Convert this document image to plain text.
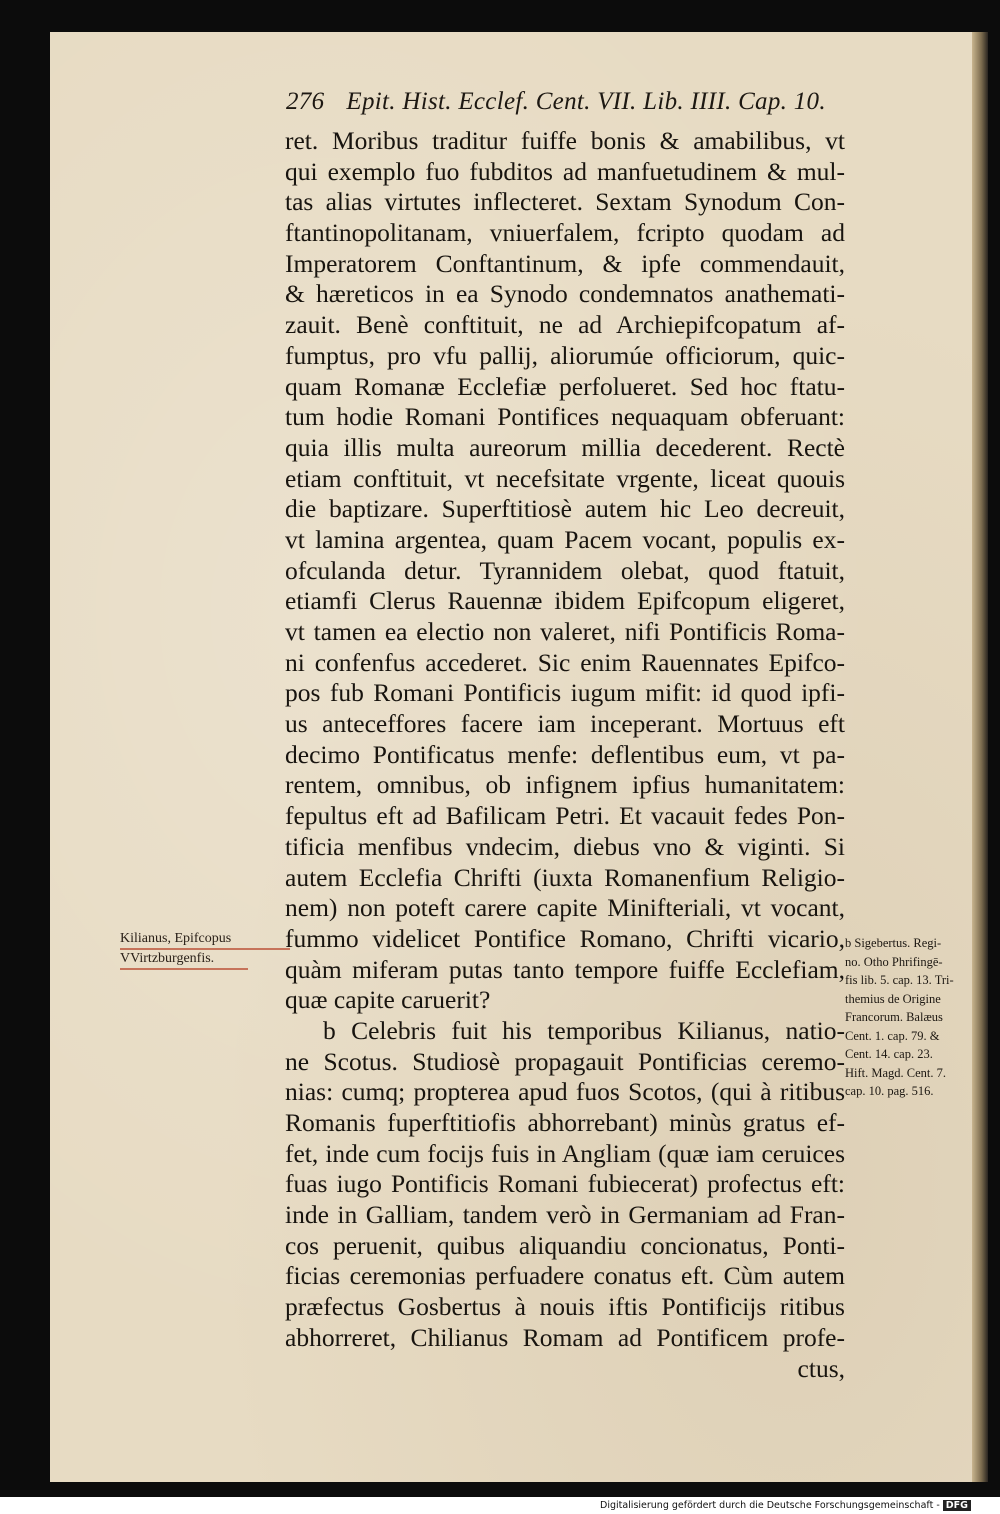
276 Epit. Hist. Ecclef. Cent. VII. Lib. IIII. Cap. 10.
ret. Moribus traditur fuiffe bonis & amabilibus, vt
qui exemplo fuo fubditos ad manfuetudinem & mul-
tas alias virtutes inflecteret. Sextam Synodum Con-
ftantinopolitanam, vniuerfalem, fcripto quodam ad
Imperatorem Conftantinum, & ipfe commendauit,
& hæreticos in ea Synodo condemnatos anathemati-
zauit. Benè conftituit, ne ad Archiepifcopatum af-
fumptus, pro vfu pallij, aliorumúe officiorum, quic-
quam Romanæ Ecclefiæ perfolueret. Sed hoc ftatu-
tum hodie Romani Pontifices nequaquam obferuant:
quia illis multa aureorum millia decederent. Rectè
etiam conftituit, vt necefsitate vrgente, liceat quouis
die baptizare. Superftitiosè autem hic Leo decreuit,
vt lamina argentea, quam Pacem vocant, populis ex-
ofculanda detur. Tyrannidem olebat, quod ftatuit,
etiamfi Clerus Rauennæ ibidem Epifcopum eligeret,
vt tamen ea electio non valeret, nifi Pontificis Roma-
ni confenfus accederet. Sic enim Rauennates Epifco-
pos fub Romani Pontificis iugum mifit: id quod ipfi-
us anteceffores facere iam inceperant. Mortuus eft
decimo Pontificatus menfe: deflentibus eum, vt pa-
rentem, omnibus, ob infignem ipfius humanitatem:
fepultus eft ad Bafilicam Petri. Et vacauit fedes Pon-
tificia menfibus vndecim, diebus vno & viginti. Si
autem Ecclefia Chrifti (iuxta Romanenfium Religio-
nem) non poteft carere capite Minifteriali, vt vocant,
fummo videlicet Pontifice Romano, Chrifti vicario,
quàm miferam putas tanto tempore fuiffe Ecclefiam,
quæ capite caruerit?
b Celebris fuit his temporibus Kilianus, natio-
ne Scotus. Studiosè propagauit Pontificias ceremo-
nias: cumq; propterea apud fuos Scotos, (qui à ritibus
Romanis fuperftitiofis abhorrebant) minùs gratus ef-
fet, inde cum focijs fuis in Angliam (quæ iam ceruices
fuas iugo Pontificis Romani fubiecerat) profectus eft:
inde in Galliam, tandem verò in Germaniam ad Fran-
cos peruenit, quibus aliquandiu concionatus, Ponti-
ficias ceremonias perfuadere conatus eft. Cùm autem
præfectus Gosbertus à nouis iftis Pontificijs ritibus
abhorreret, Chilianus Romam ad Pontificem profe-
ctus,
Kilianus, Epifcopus
VVirtzburgenfis.
b Sigebertus. Regi-
no. Otho Phrifingē-
fis lib. 5. cap. 13. Tri-
themius de Origine
Francorum. Balæus
Cent. 1. cap. 79. &
Cent. 14. cap. 23.
Hift. Magd. Cent. 7.
cap. 10. pag. 516.
Digitalisierung gefördert durch die Deutsche Forschungsgemeinschaft - DFG
